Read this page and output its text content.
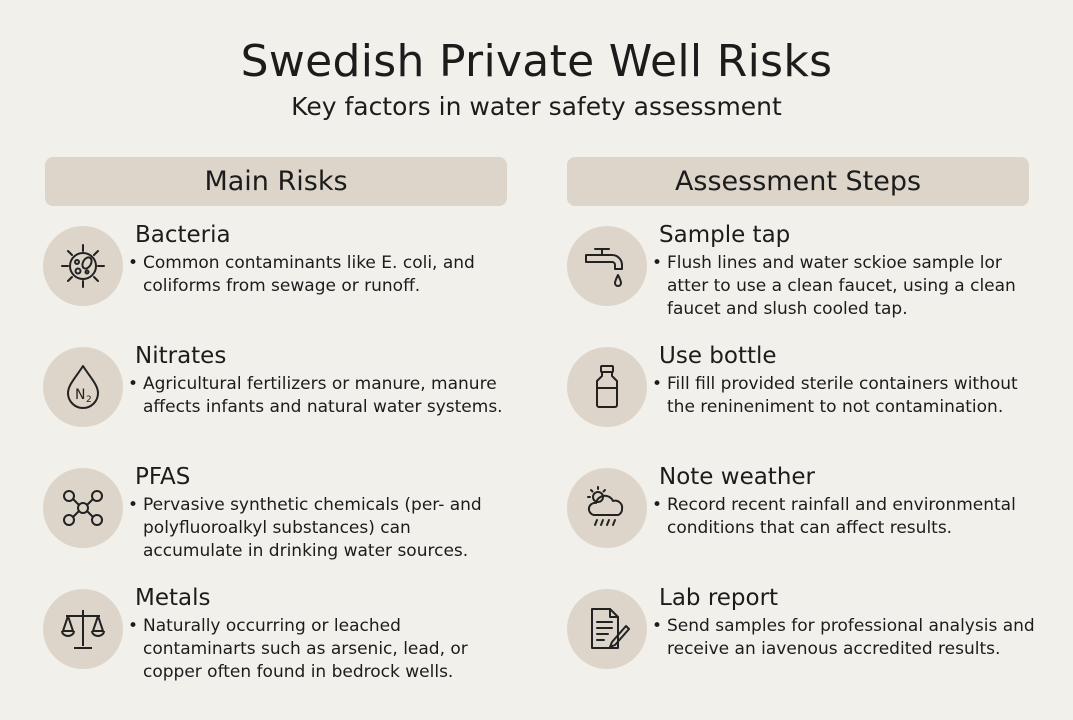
Swedish Private Well Risks
Key factors in water safety assessment
Main Risks
Bacteria
• Common contaminants like E. coli, and coliforms from sewage or runoff.
N 2
Nitrates
• Agricultural fertilizers or manure, manure affects infants and natural water systems.
PFAS
• Pervasive synthetic chemicals (per- and polyfluoroalkyl substances) can accumulate in drinking water sources.
Metals
• Naturally occurring or leached contaminarts such as arsenic, lead, or copper often found in bedrock wells.
Assessment Steps
Sample tap
• Flush lines and water sckioe sample lor atter to use a clean faucet, using a clean faucet and slush cooled tap.
Use bottle
• Fill fill provided sterile containers without the renineniment to not contamination.
Note weather
• Record recent rainfall and environmental conditions that can affect results.
Lab report
• Send samples for professional analysis and receive an iavenous accredited results.
